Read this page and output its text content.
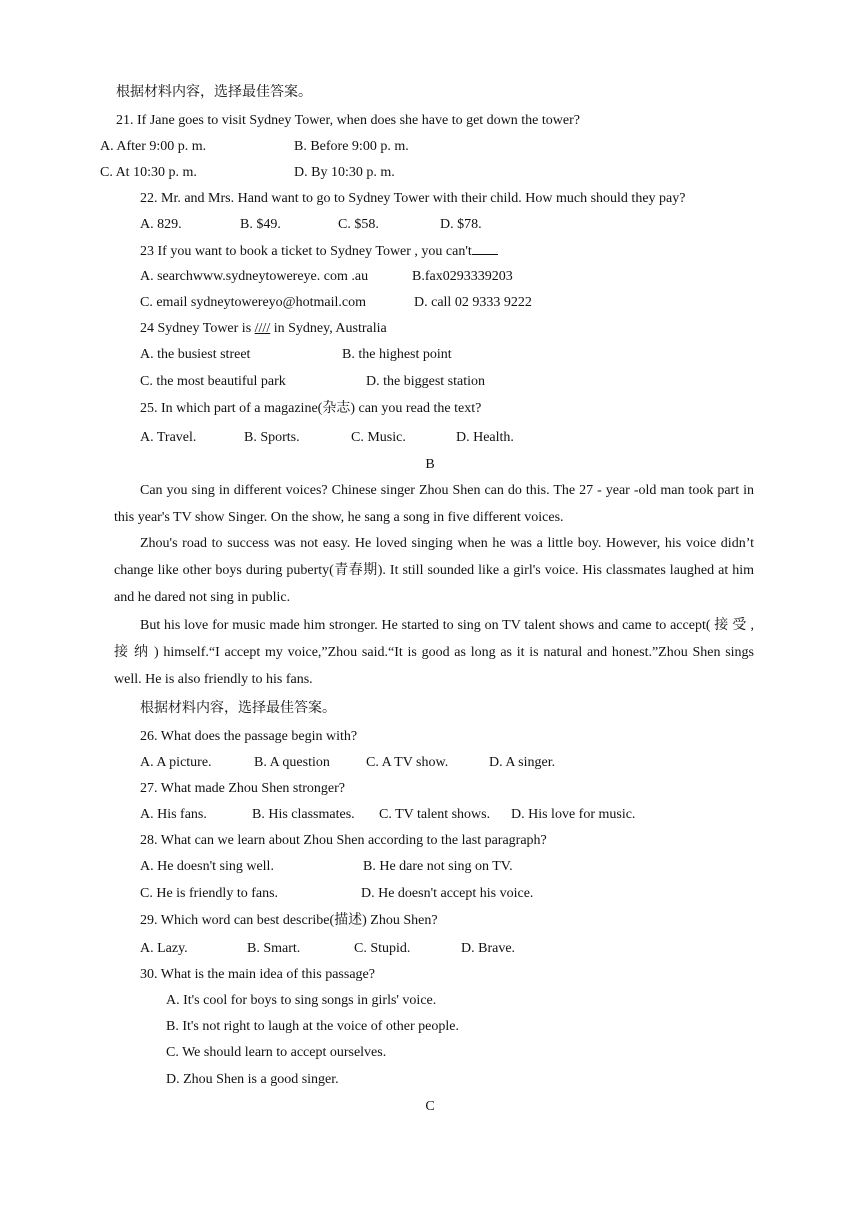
根据材料内容，选择最佳答案。
21. If Jane goes to visit Sydney Tower, when does she have to get down the tower?
A. After 9:00 p. m.	B. Before 9:00 p. m.
C. At 10:30 p. m.	D. By 10:30 p. m.
22. Mr. and Mrs. Hand want to go to Sydney Tower with their child. How much should they pay?
A. 829.	B. $49.	C. $58.	D. $78.
23 If you want to book a ticket to Sydney Tower , you can't
A. searchwww.sydneytowereye. com .au	B.fax0293339203
C. email sydneytowereyo@hotmail.com	D. call 02 9333 9222
24 Sydney Tower is //// in Sydney, Australia
A. the busiest street	B. the highest point
C. the most beautiful park	D. the biggest station
25. In which part of a magazine(杂志) can you read the text?
A. Travel.	B. Sports.	C. Music.	D. Health.
B
Can you sing in different voices? Chinese singer Zhou Shen can do this. The 27 - year -old man took part in this year's TV show Singer. On the show, he sang a song in five different voices.
Zhou's road to success was not easy. He loved singing when he was a little boy. However, his voice didn’t change like other boys during puberty(青春期). It still sounded like a girl's voice. His classmates laughed at him and he dared not sing in public.
But his love for music made him stronger. He started to sing on TV talent shows and came to accept( 接 受 , 接 纳 ) himself.“I accept my voice,”Zhou said.“It is good as long as it is natural and honest.”Zhou Shen sings well. He is also friendly to his fans.
根据材料内容，选择最佳答案。
26. What does the passage begin with?
A. A picture.	B. A question	C. A TV show.	D. A singer.
27. What made Zhou Shen stronger?
A. His fans.	B. His classmates. C. TV talent shows. D. His love for music.
28. What can we learn about Zhou Shen according to the last paragraph?
A. He doesn't sing well.	B. He dare not sing on TV.
C. He is friendly to fans.	D. He doesn't accept his voice.
29. Which word can best describe(描述) Zhou Shen?
A. Lazy.	B. Smart.	C. Stupid.	D. Brave.
30. What is the main idea of this passage?
A. It's cool for boys to sing songs in girls' voice.
B. It's not right to laugh at the voice of other people.
C. We should learn to accept ourselves.
D. Zhou Shen is a good singer.
C
